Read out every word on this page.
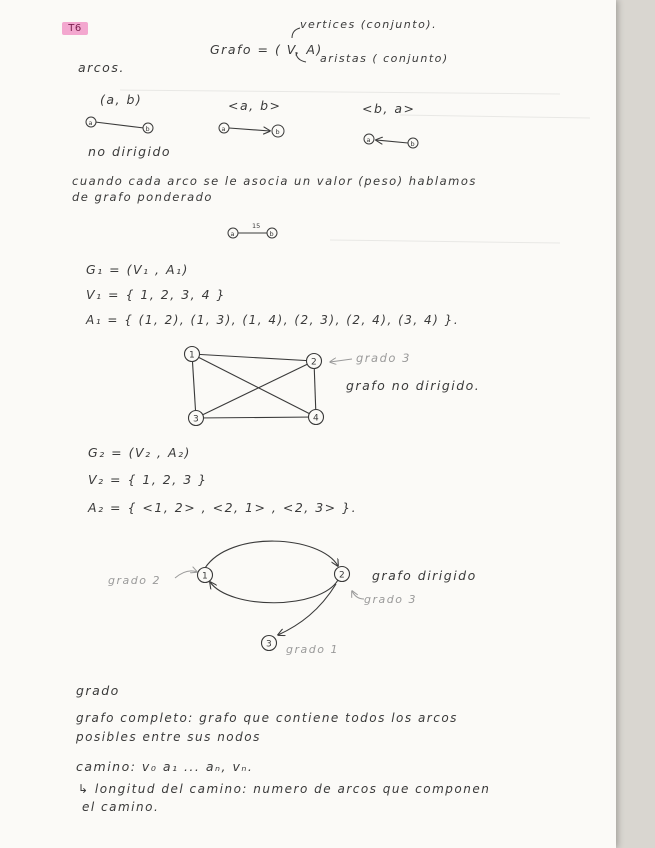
T6
Grafo = ( V, A)
vertices (conjunto).
aristas ( conjunto)
arcos.
(a, b)	<a, b>	<b, a>
no dirigido
cuando cada arco se le asocia un valor (peso) hablamos
de grafo ponderado
G₁ = (V₁ , A₁)
V₁ = { 1, 2, 3, 4 }
A₁ = { (1, 2), (1, 3), (1, 4), (2, 3), (2, 4), (3, 4) }.
grado 3
grafo no dirigido.
G₂ = (V₂ , A₂)
V₂ = { 1, 2, 3 }
A₂ = { <1, 2> , <2, 1> , <2, 3> }.
grado 2
grado 3
grado 1
grafo dirigido
grado
grafo completo: grafo que contiene todos los arcos
posibles entre sus nodos
camino: v₀ a₁ ... aₙ, vₙ.
↳ longitud del camino: numero de arcos que componen
el camino.
a
b	a	b
a	b
a	b
15
1
2
3	4
1	2
3
